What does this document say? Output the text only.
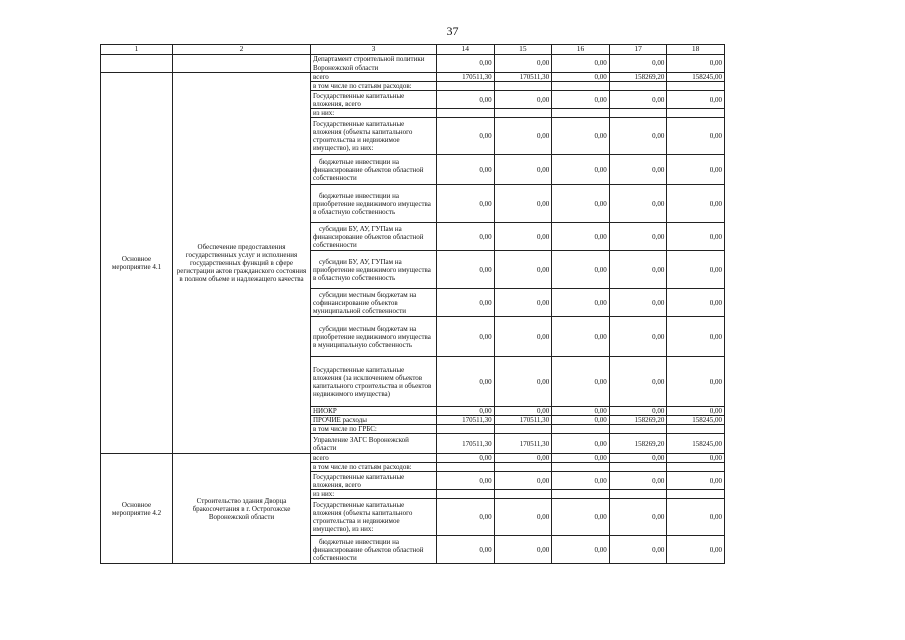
37
1	2	3	14	15	16	17	18
		Департамент строительной политики Воронежской области	0,00	0,00	0,00	0,00	0,00
Основное мероприятие 4.1	Обеспечение предоставления государственных услуг и исполнения государственных функций в сфере регистрации актов гражданского состояния в полном объеме и надлежащего качества	всего	170511,30	170511,30	0,00	158269,20	158245,00
		в том числе по статьям расходов:					
		Государственные капитальные вложения, всего	0,00	0,00	0,00	0,00	0,00
		из них:					
		Государственные капитальные вложения (объекты капитального строительства и недвижимое имущество), из них:	0,00	0,00	0,00	0,00	0,00
		бюджетные инвестиции на финансирование объектов областной собственности	0,00	0,00	0,00	0,00	0,00
		бюджетные инвестиции на приобретение недвижимого имущества в областную собственность	0,00	0,00	0,00	0,00	0,00
		субсидии БУ, АУ, ГУПам на финансирование объектов областной собственности	0,00	0,00	0,00	0,00	0,00
		субсидии БУ, АУ, ГУПам на приобретение недвижимого имущества в областную собственность	0,00	0,00	0,00	0,00	0,00
		субсидии местным бюджетам на софинансирование объектов муниципальной собственности	0,00	0,00	0,00	0,00	0,00
		субсидии местным бюджетам на приобретение недвижимого имущества в муниципальную собственность	0,00	0,00	0,00	0,00	0,00
		Государственные капитальные вложения (за исключением объектов капитального строительства и объектов недвижимого имущества)	0,00	0,00	0,00	0,00	0,00
		НИОКР	0,00	0,00	0,00	0,00	0,00
		ПРОЧИЕ расходы	170511,30	170511,30	0,00	158269,20	158245,00
		в том числе по ГРБС:					
		Управление ЗАГС Воронежской области	170511,30	170511,30	0,00	158269,20	158245,00
Основное мероприятие 4.2	Строительство здания Дворца бракосочетания в г. Острогожске Воронежской области	всего	0,00	0,00	0,00	0,00	0,00
		в том числе по статьям расходов:					
		Государственные капитальные вложения, всего	0,00	0,00	0,00	0,00	0,00
		из них:					
		Государственные капитальные вложения (объекты капитального строительства и недвижимое имущество), из них:	0,00	0,00	0,00	0,00	0,00
		бюджетные инвестиции на финансирование объектов областной собственности	0,00	0,00	0,00	0,00	0,00
